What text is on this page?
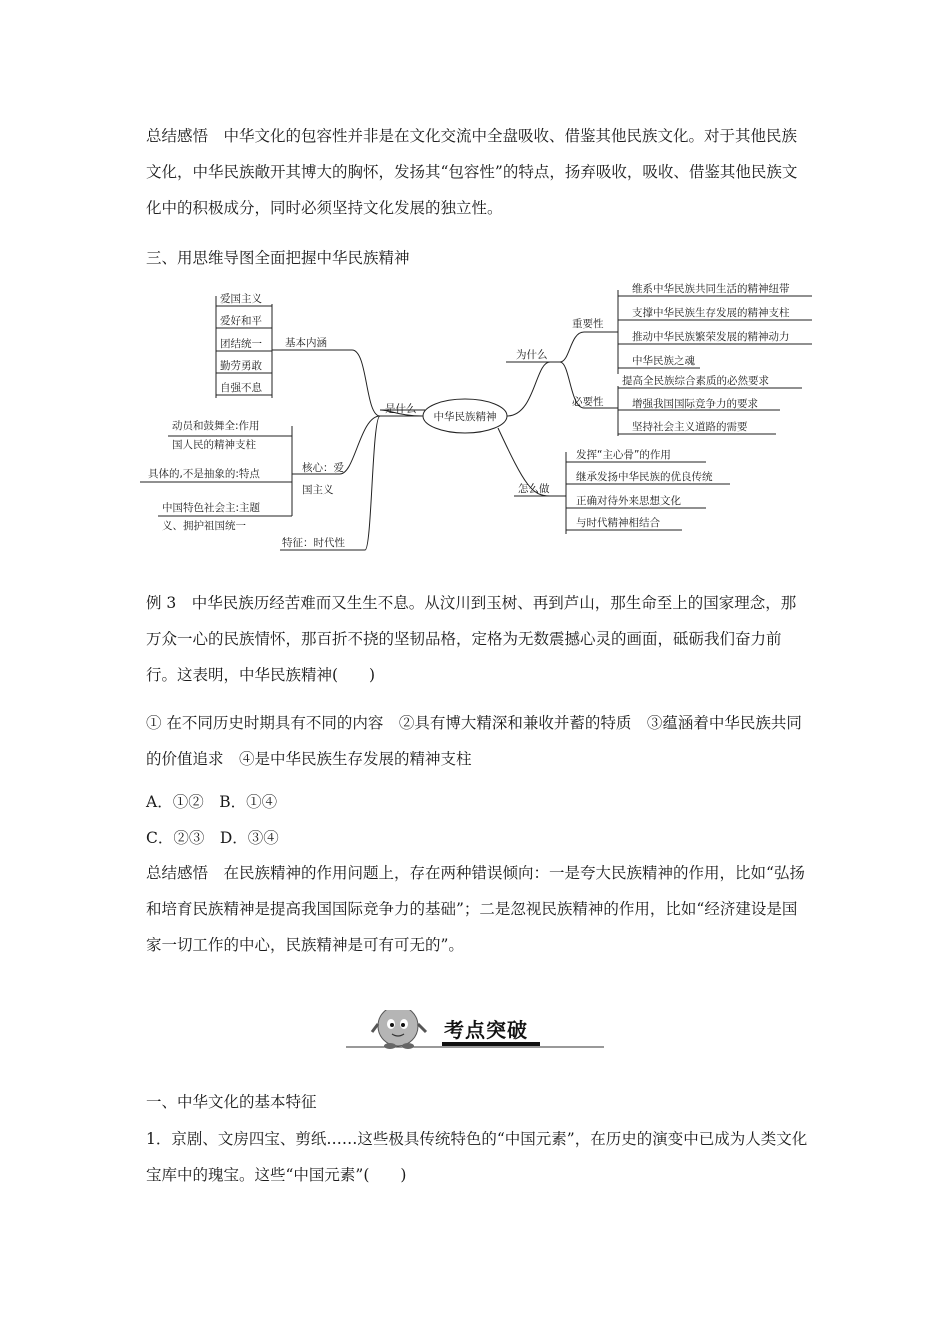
总结感悟　中华文化的包容性并非是在文化交流中全盘吸收、借鉴其他民族文化。对于其他民族文化，中华民族敞开其博大的胸怀，发扬其“包容性”的特点，扬弃吸收，吸收、借鉴其他民族文化中的积极成分，同时必须坚持文化发展的独立性。

三、用思维导图全面把握中华民族精神

中华民族精神
是什么
基本内涵
爱国主义
爱好和平
团结统一
勤劳勇敢
自强不息
核心：爱
国主义
动员和鼓舞全:作用
国人民的精神支柱
具体的,不是抽象的:特点
中国特色社会主:主题
义、拥护祖国统一
特征：时代性
为什么
重要性
必要性
维系中华民族共同生活的精神纽带
支撑中华民族生存发展的精神支柱
推动中华民族繁荣发展的精神动力
中华民族之魂
提高全民族综合素质的必然要求
增强我国国际竞争力的要求
坚持社会主义道路的需要
怎么做
发挥“主心骨”的作用
继承发扬中华民族的优良传统
正确对待外来思想文化
与时代精神相结合

例 3　中华民族历经苦难而又生生不息。从汶川到玉树、再到芦山，那生命至上的国家理念，那万众一心的民族情怀，那百折不挠的坚韧品格，定格为无数震撼心灵的画面，砥砺我们奋力前行。这表明，中华民族精神(　　)

① 在不同历史时期具有不同的内容　②具有博大精深和兼收并蓄的特质　③蕴涵着中华民族共同的价值追求　④是中华民族生存发展的精神支柱

A．①②　B．①④

C．②③　D．③④

总结感悟　在民族精神的作用问题上，存在两种错误倾向：一是夸大民族精神的作用，比如“弘扬和培育民族精神是提高我国国际竞争力的基础”；二是忽视民族精神的作用，比如“经济建设是国家一切工作的中心，民族精神是可有可无的”。

考点突破

一、中华文化的基本特征

1．京剧、文房四宝、剪纸……这些极具传统特色的“中国元素”，在历史的演变中已成为人类文化宝库中的瑰宝。这些“中国元素”(　　)
